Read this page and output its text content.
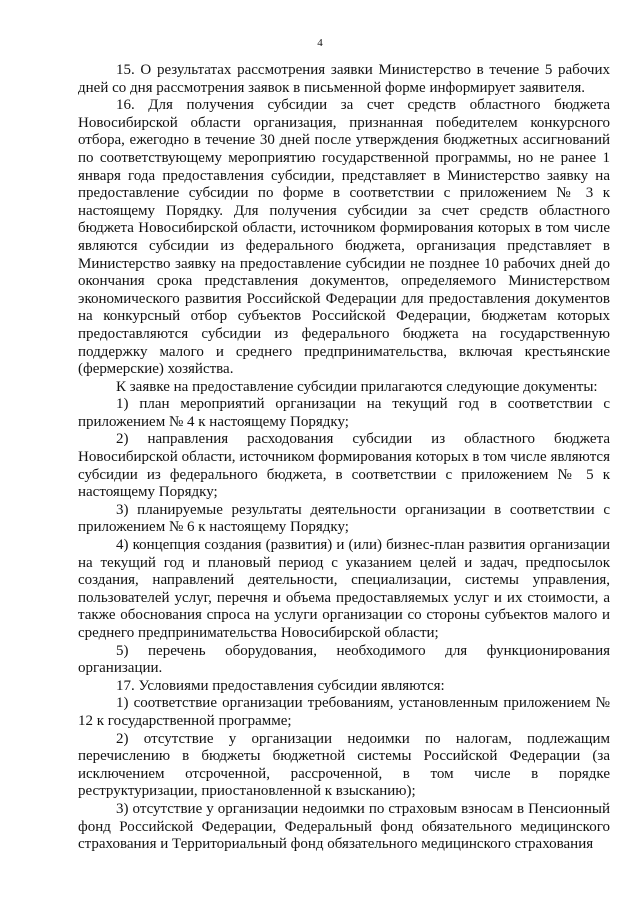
4

15. О результатах рассмотрения заявки Министерство в течение 5 рабочих дней со дня рассмотрения заявок в письменной форме информирует заявителя.

16. Для получения субсидии за счет средств областного бюджета Новосибирской области организация, признанная победителем конкурсного отбора, ежегодно в течение 30 дней после утверждения бюджетных ассигнований по соответствующему мероприятию государственной программы, но не ранее 1 января года предоставления субсидии, представляет в Министерство заявку на предоставление субсидии по форме в соответствии с приложением № 3 к настоящему Порядку. Для получения субсидии за счет средств областного бюджета Новосибирской области, источником формирования которых в том числе являются субсидии из федерального бюджета, организация представляет в Министерство заявку на предоставление субсидии не позднее 10 рабочих дней до окончания срока представления документов, определяемого Министерством экономического развития Российской Федерации для предоставления документов на конкурсный отбор субъектов Российской Федерации, бюджетам которых предоставляются субсидии из федерального бюджета на государственную поддержку малого и среднего предпринимательства, включая крестьянские (фермерские) хозяйства.

К заявке на предоставление субсидии прилагаются следующие документы:

1) план мероприятий организации на текущий год в соответствии с приложением № 4 к настоящему Порядку;

2) направления расходования субсидии из областного бюджета Новосибирской области, источником формирования которых в том числе являются субсидии из федерального бюджета, в соответствии с приложением № 5 к настоящему Порядку;

3) планируемые результаты деятельности организации в соответствии с приложением № 6 к настоящему Порядку;

4) концепция создания (развития) и (или) бизнес-план развития организации на текущий год и плановый период с указанием целей и задач, предпосылок создания, направлений деятельности, специализации, системы управления, пользователей услуг, перечня и объема предоставляемых услуг и их стоимости, а также обоснования спроса на услуги организации со стороны субъектов малого и среднего предпринимательства Новосибирской области;

5) перечень оборудования, необходимого для функционирования организации.

17. Условиями предоставления субсидии являются:

1) соответствие организации требованиям, установленным приложением № 12 к государственной программе;

2) отсутствие у организации недоимки по налогам, подлежащим перечислению в бюджеты бюджетной системы Российской Федерации (за исключением отсроченной, рассроченной, в том числе в порядке реструктуризации, приостановленной к взысканию);

3) отсутствие у организации недоимки по страховым взносам в Пенсионный фонд Российской Федерации, Федеральный фонд обязательного медицинского страхования и Территориальный фонд обязательного медицинского страхования
